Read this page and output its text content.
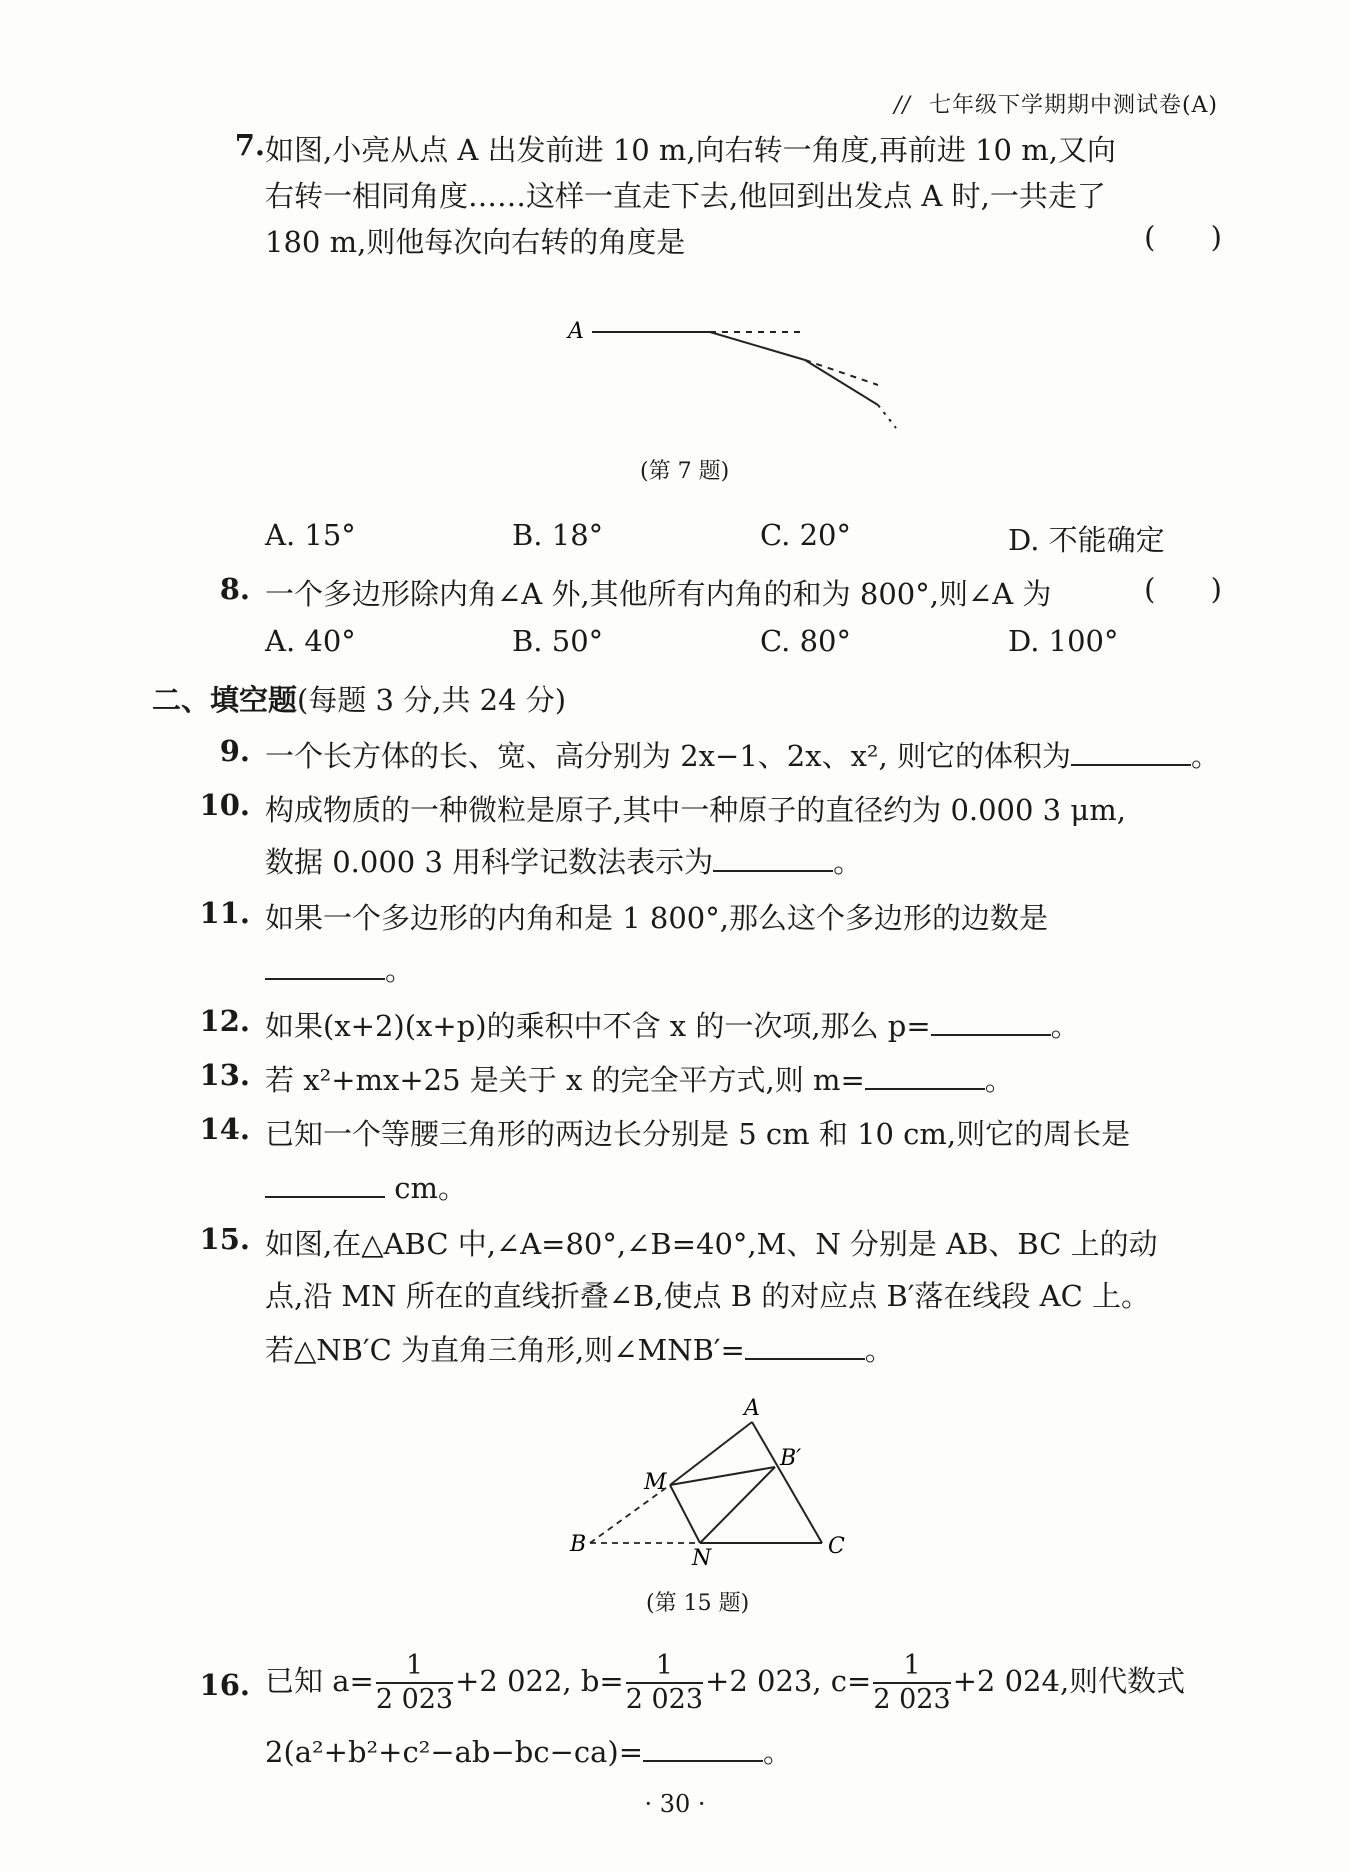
// 七年级下学期期中测试卷(A)
7. 如图,小亮从点 A 出发前进 10 m,向右转一角度,再前进 10 m,又向
右转一相同角度……这样一直走下去,他回到出发点 A 时,一共走了
180 m,则他每次向右转的角度是	(      )
A
(第 7 题)
A. 15°	B. 18°	C. 20°	D. 不能确定
8. 一个多边形除内角∠A 外,其他所有内角的和为 800°,则∠A 为	(      )
A. 40°	B. 50°	C. 80°	D. 100°
二、填空题(每题 3 分,共 24 分)
9. 一个长方体的长、宽、高分别为 2x−1、2x、x², 则它的体积为	。
10. 构成物质的一种微粒是原子,其中一种原子的直径约为 0.000 3 μm,
数据 0.000 3 用科学记数法表示为	。
11. 如果一个多边形的内角和是 1 800°,那么这个多边形的边数是
。
12. 如果(x+2)(x+p)的乘积中不含 x 的一次项,那么 p=	。
13. 若 x²+mx+25 是关于 x 的完全平方式,则 m=	。
14. 已知一个等腰三角形的两边长分别是 5 cm 和 10 cm,则它的周长是
cm。
15. 如图,在△ABC 中,∠A=80°,∠B=40°,M、N 分别是 AB、BC 上的动
点,沿 MN 所在的直线折叠∠B,使点 B 的对应点 B′落在线段 AC 上。
若△NB′C 为直角三角形,则∠MNB′=	。
A
B′
M
B
N	C
(第 15 题)
16. 已知 $a= \frac{1}{2 023} +2$ 022, $b= \frac{1}{2 023} +2$ 023, $c= \frac{1}{2 023} +2$ 024,则代数式
2(a²+b²+c²−ab−bc−ca)=	。
· 30 ·
